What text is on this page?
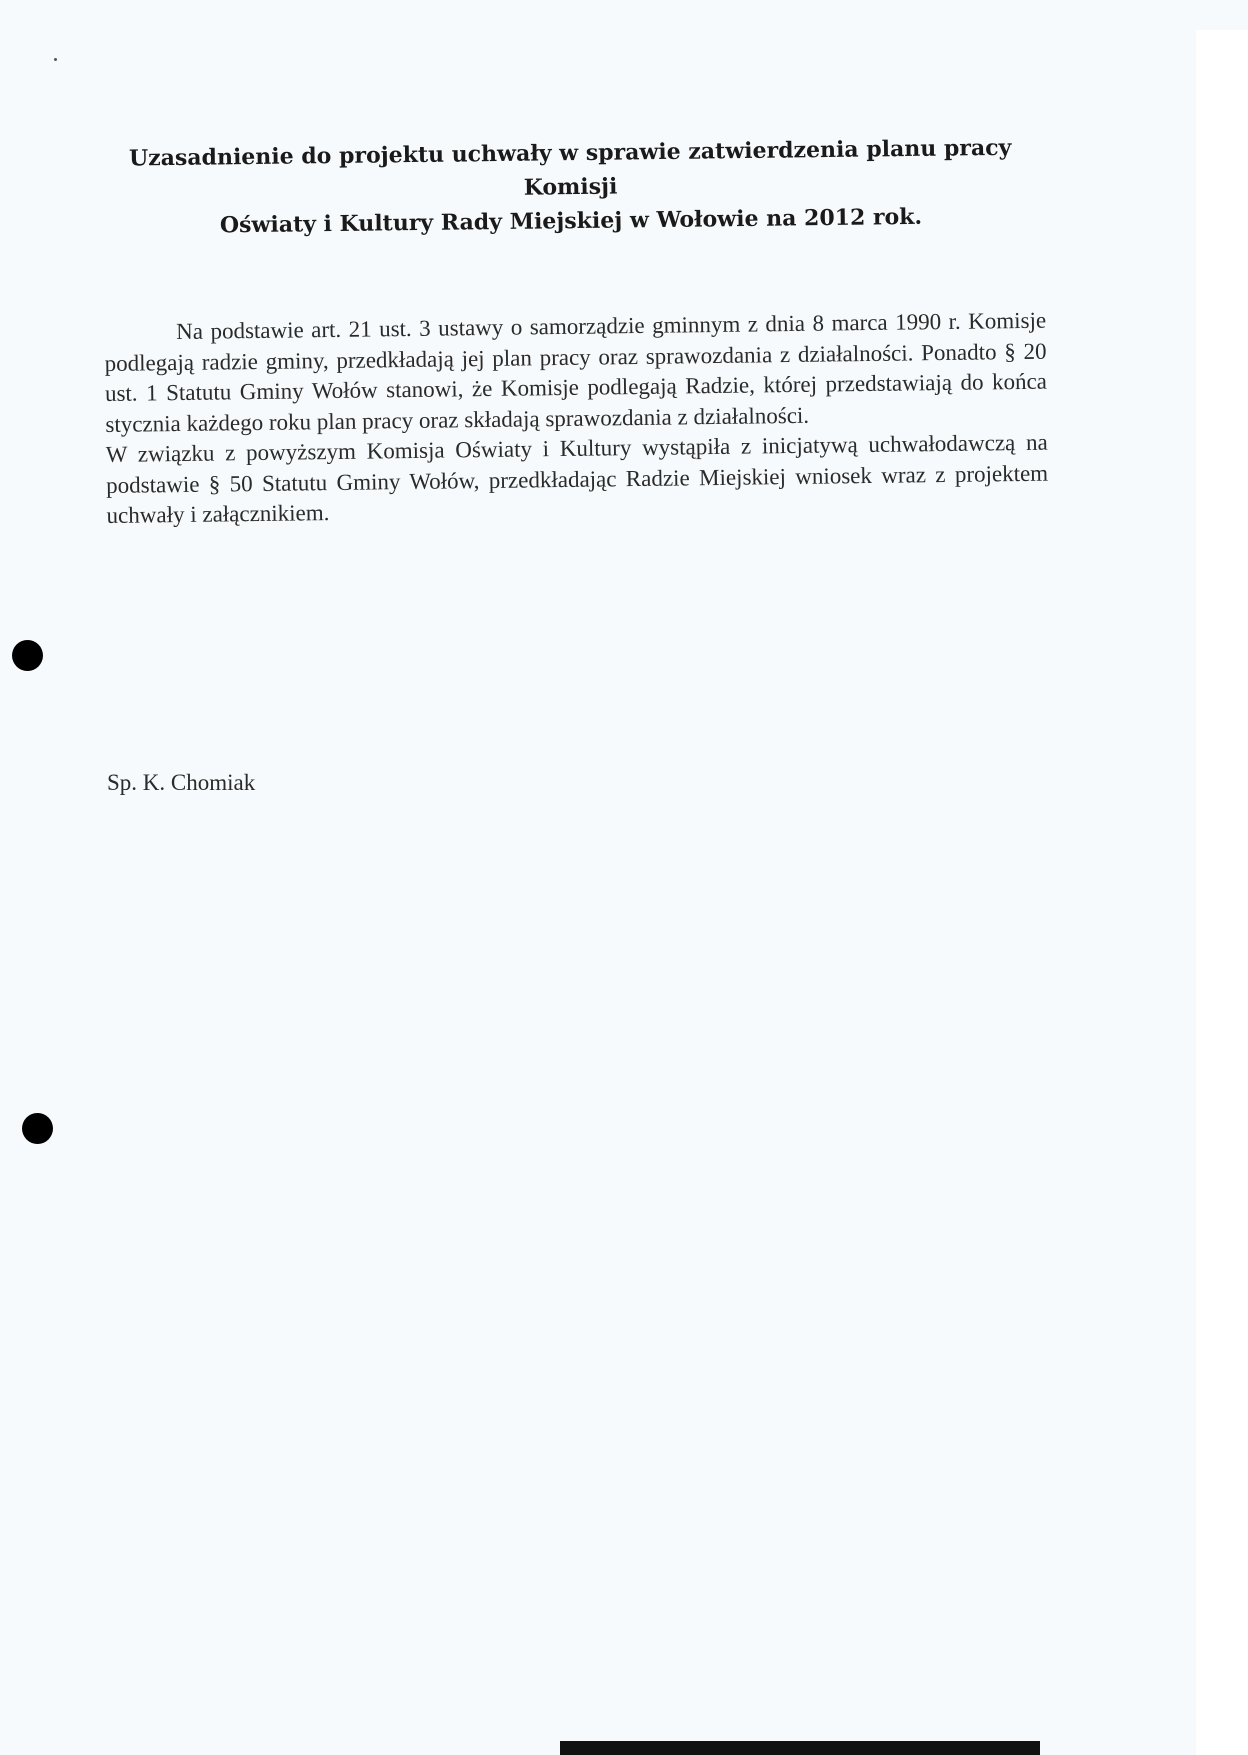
Uzasadnienie do projektu uchwały w sprawie zatwierdzenia planu pracy Komisji
Oświaty i Kultury Rady Miejskiej w Wołowie na 2012 rok.

Na podstawie art. 21 ust. 3 ustawy o samorządzie gminnym z dnia 8 marca 1990 r. Komisje podlegają radzie gminy, przedkładają jej plan pracy oraz sprawozdania z działalności. Ponadto § 20 ust. 1 Statutu Gminy Wołów stanowi, że Komisje podlegają Radzie, której przedstawiają do końca stycznia każdego roku plan pracy oraz składają sprawozdania z działalności.

W związku z powyższym Komisja Oświaty i Kultury wystąpiła z inicjatywą uchwałodawczą na podstawie § 50 Statutu Gminy Wołów, przedkładając Radzie Miejskiej wniosek wraz z projektem uchwały i załącznikiem.

Sp. K. Chomiak
